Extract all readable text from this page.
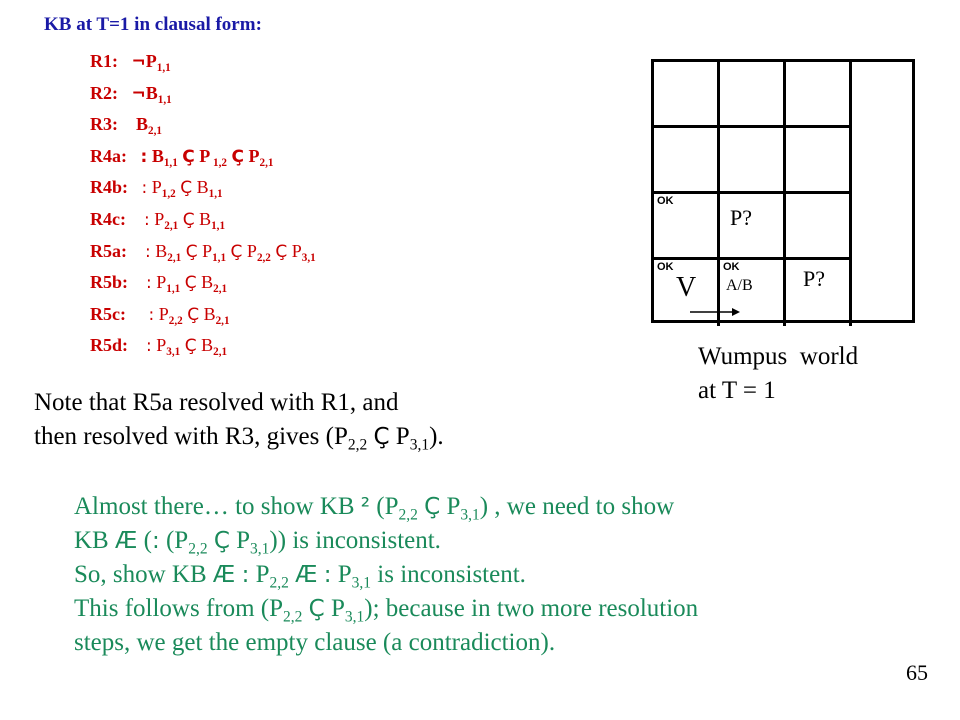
KB at T=1 in clausal form:
R1: $\neg P_{1,1}$
R2: $\neg B_{1,1}$
R3:    $B_{2,1}$
R4a: : $B_{1,1}$ Ç P $_{1,2}$ Ç $P_{2,1}$
R4b: : $P_{1,2}$ Ç $B_{1,1}$
R4c: : $P_{2,1}$ Ç $B_{1,1}$
R5a: : $B_{2,1}$ Ç $P_{1,1}$ Ç $P_{2,2}$ Ç $P_{3,1}$
R5b: : $P_{1,1}$ Ç $B_{2,1}$
R5c: : $P_{2,2}$ Ç $B_{2,1}$
R5d: : $P_{3,1}$ Ç $B_{2,1}$
Note that R5a resolved with R1, and
then resolved with R3, gives ($P_{2,2}$ Ç $P_{3,1}$).
Almost there… to show KB ² ($P_{2,2}$ Ç $P_{3,1}$) , we need to show
KB Æ (: ($P_{2,2}$ Ç $P_{3,1}$)) is inconsistent.
So, show KB Æ : $P_{2,2}$ Æ : $P_{3,1}$ is inconsistent.
This follows from ($P_{2,2}$ Ç $P_{3,1}$); because in two more resolution
steps, we get the empty clause (a contradiction).
OK
P?
OK
V
OK
A/B P?
Wumpus  world
at T = 1
65
